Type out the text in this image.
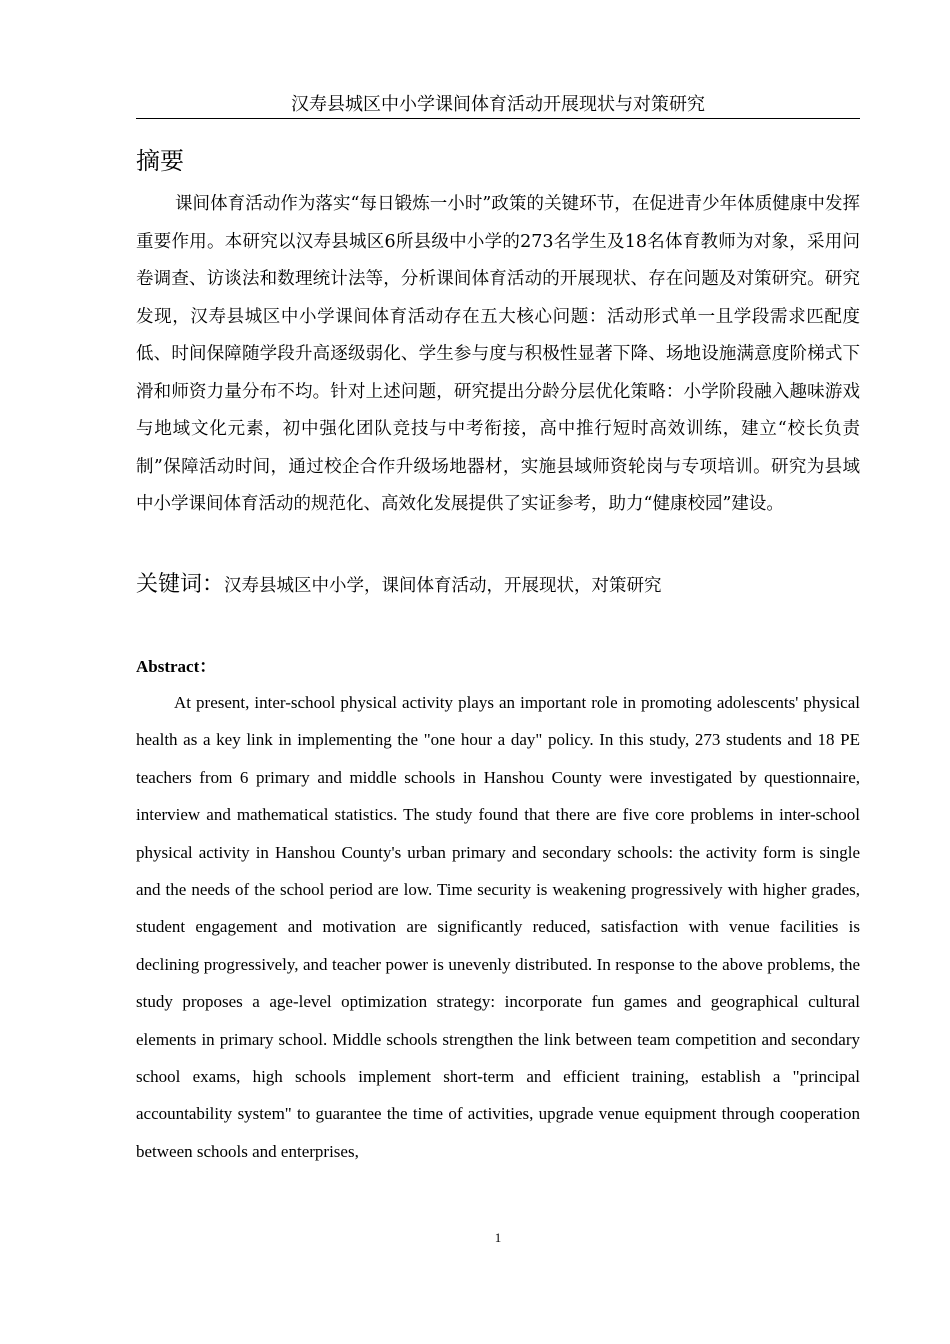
汉寿县城区中小学课间体育活动开展现状与对策研究
摘要

课间体育活动作为落实“每日锻炼一小时”政策的关键环节，在促进青少年体质健康中发挥重要作用。本研究以汉寿县城区6所县级中小学的273名学生及18名体育教师为对象，采用问卷调查、访谈法和数理统计法等，分析课间体育活动的开展现状、存在问题及对策研究。研究发现，汉寿县城区中小学课间体育活动存在五大核心问题：活动形式单一且学段需求匹配度低、时间保障随学段升高逐级弱化、学生参与度与积极性显著下降、场地设施满意度阶梯式下滑和师资力量分布不均。针对上述问题，研究提出分龄分层优化策略：小学阶段融入趣味游戏与地域文化元素，初中强化团队竞技与中考衔接，高中推行短时高效训练，建立“校长负责制”保障活动时间，通过校企合作升级场地器材，实施县域师资轮岗与专项培训。研究为县域中小学课间体育活动的规范化、高效化发展提供了实证参考，助力“健康校园”建设。

关键词：汉寿县城区中小学，课间体育活动，开展现状，对策研究
Abstract：

At present, inter-school physical activity plays an important role in promoting adolescents' physical health as a key link in implementing the "one hour a day" policy. In this study, 273 students and 18 PE teachers from 6 primary and middle schools in Hanshou County were investigated by questionnaire, interview and mathematical statistics. The study found that there are five core problems in inter-school physical activity in Hanshou County's urban primary and secondary schools: the activity form is single and the needs of the school period are low. Time security is weakening progressively with higher grades, student engagement and motivation are significantly reduced, satisfaction with venue facilities is declining progressively, and teacher power is unevenly distributed. In response to the above problems, the study proposes a age-level optimization strategy: incorporate fun games and geographical cultural elements in primary school. Middle schools strengthen the link between team competition and secondary school exams, high schools implement short-term and efficient training, establish a "principal accountability system" to guarantee the time of activities, upgrade venue equipment through cooperation between schools and enterprises,

1
